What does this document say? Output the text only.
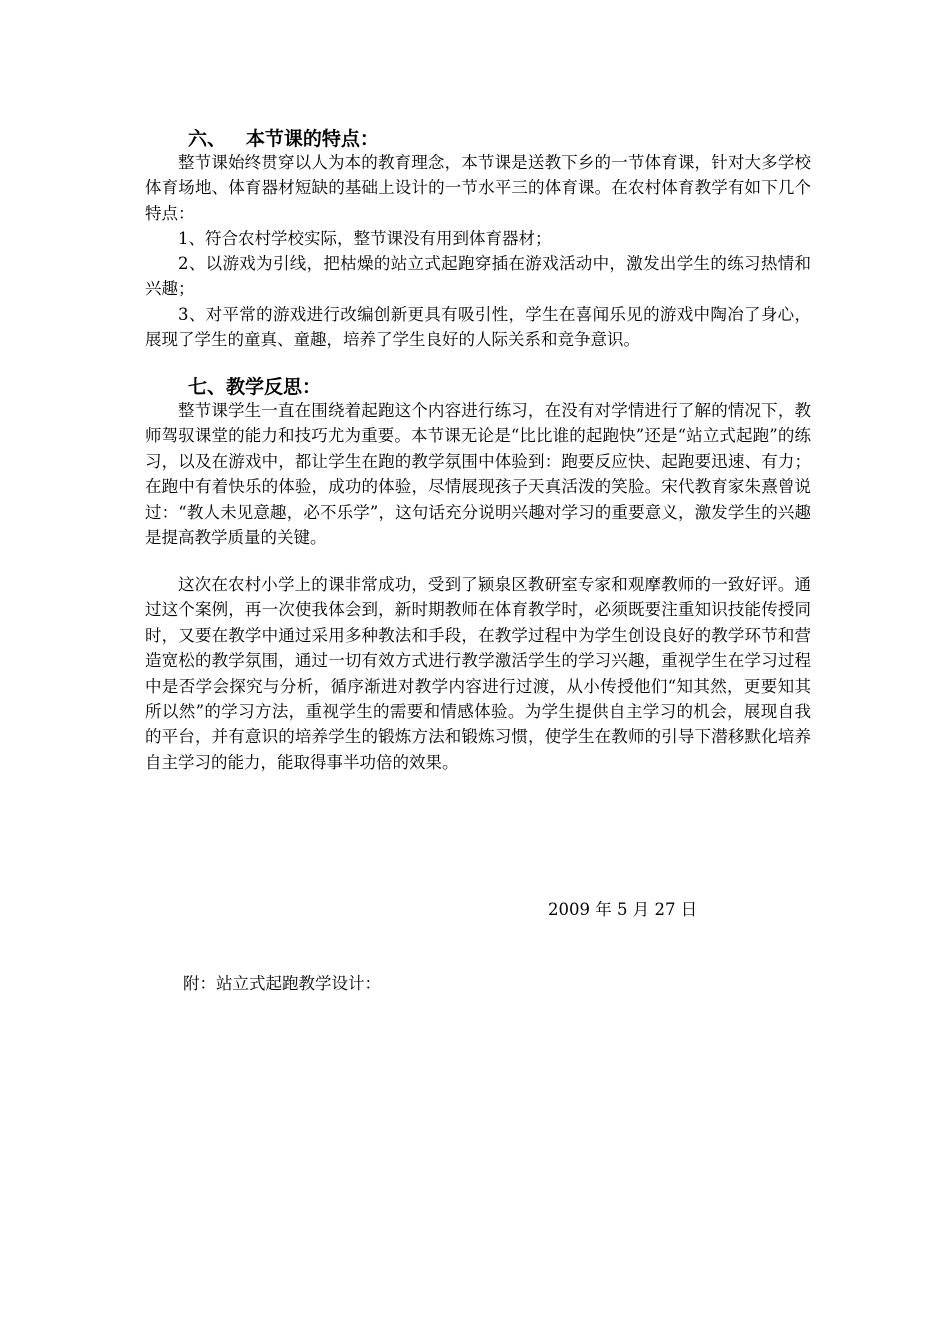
六、   本节课的特点：

整节课始终贯穿以人为本的教育理念，本节课是送教下乡的一节体育课，针对大多学校体育场地、体育器材短缺的基础上设计的一节水平三的体育课。在农村体育教学有如下几个特点：

1、符合农村学校实际，整节课没有用到体育器材；

2、以游戏为引线，把枯燥的站立式起跑穿插在游戏活动中，激发出学生的练习热情和兴趣；

3、对平常的游戏进行改编创新更具有吸引性，学生在喜闻乐见的游戏中陶冶了身心，展现了学生的童真、童趣，培养了学生良好的人际关系和竞争意识。

七、教学反思：

整节课学生一直在围绕着起跑这个内容进行练习，在没有对学情进行了解的情况下，教师驾驭课堂的能力和技巧尤为重要。本节课无论是“比比谁的起跑快”还是“站立式起跑”的练习，以及在游戏中，都让学生在跑的教学氛围中体验到：跑要反应快、起跑要迅速、有力；在跑中有着快乐的体验，成功的体验，尽情展现孩子天真活泼的笑脸。宋代教育家朱熹曾说过：“教人未见意趣，必不乐学”，这句话充分说明兴趣对学习的重要意义，激发学生的兴趣是提高教学质量的关键。

这次在农村小学上的课非常成功，受到了颍泉区教研室专家和观摩教师的一致好评。通过这个案例，再一次使我体会到，新时期教师在体育教学时，必须既要注重知识技能传授同时，又要在教学中通过采用多种教法和手段，在教学过程中为学生创设良好的教学环节和营造宽松的教学氛围，通过一切有效方式进行教学激活学生的学习兴趣，重视学生在学习过程中是否学会探究与分析，循序渐进对教学内容进行过渡，从小传授他们“知其然，更要知其所以然”的学习方法，重视学生的需要和情感体验。为学生提供自主学习的机会，展现自我的平台，并有意识的培养学生的锻炼方法和锻炼习惯，使学生在教师的引导下潜移默化培养自主学习的能力，能取得事半功倍的效果。

2009 年 5 月 27 日
附：站立式起跑教学设计：
